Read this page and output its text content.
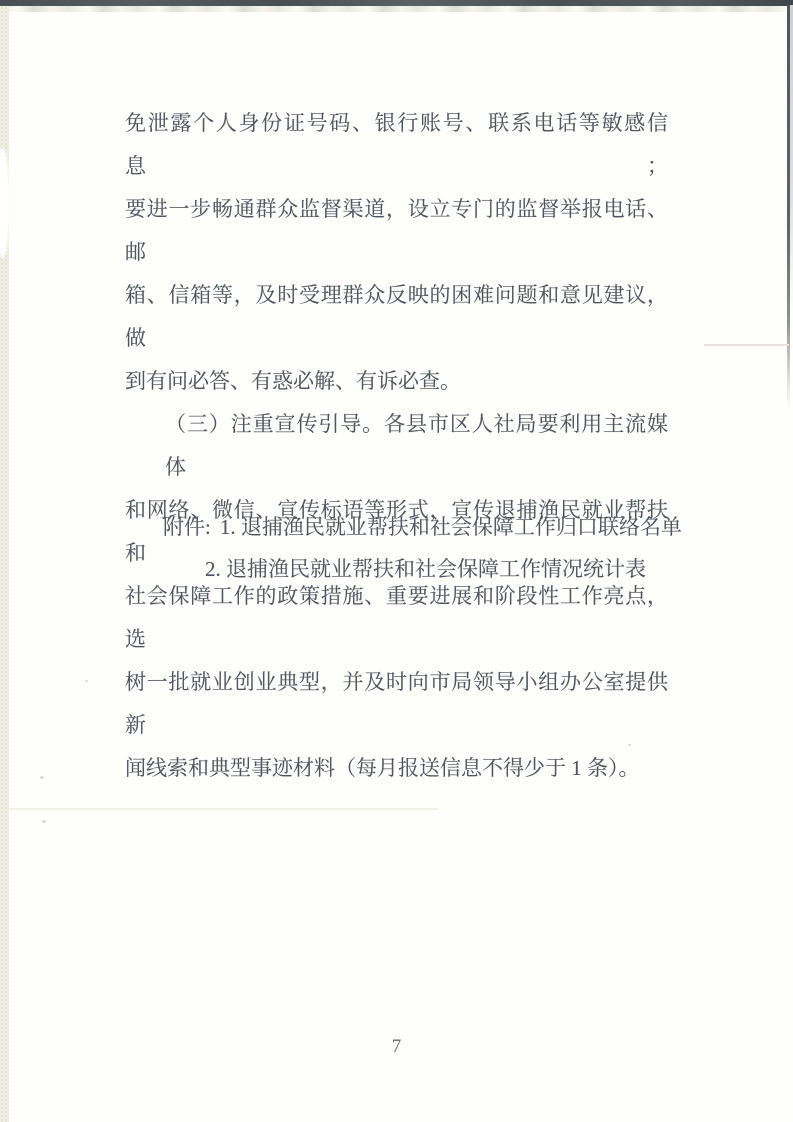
免泄露个人身份证号码、银行账号、联系电话等敏感信息；
要进一步畅通群众监督渠道，设立专门的监督举报电话、邮
箱、信箱等，及时受理群众反映的困难问题和意见建议，做
到有问必答、有惑必解、有诉必查。
（三）注重宣传引导。各县市区人社局要利用主流媒体
和网络、微信、宣传标语等形式，宣传退捕渔民就业帮扶和
社会保障工作的政策措施、重要进展和阶段性工作亮点，选
树一批就业创业典型，并及时向市局领导小组办公室提供新
闻线索和典型事迹材料（每月报送信息不得少于 1 条）。
附件: 1. 退捕渔民就业帮扶和社会保障工作归口联络名单
2. 退捕渔民就业帮扶和社会保障工作情况统计表
7
